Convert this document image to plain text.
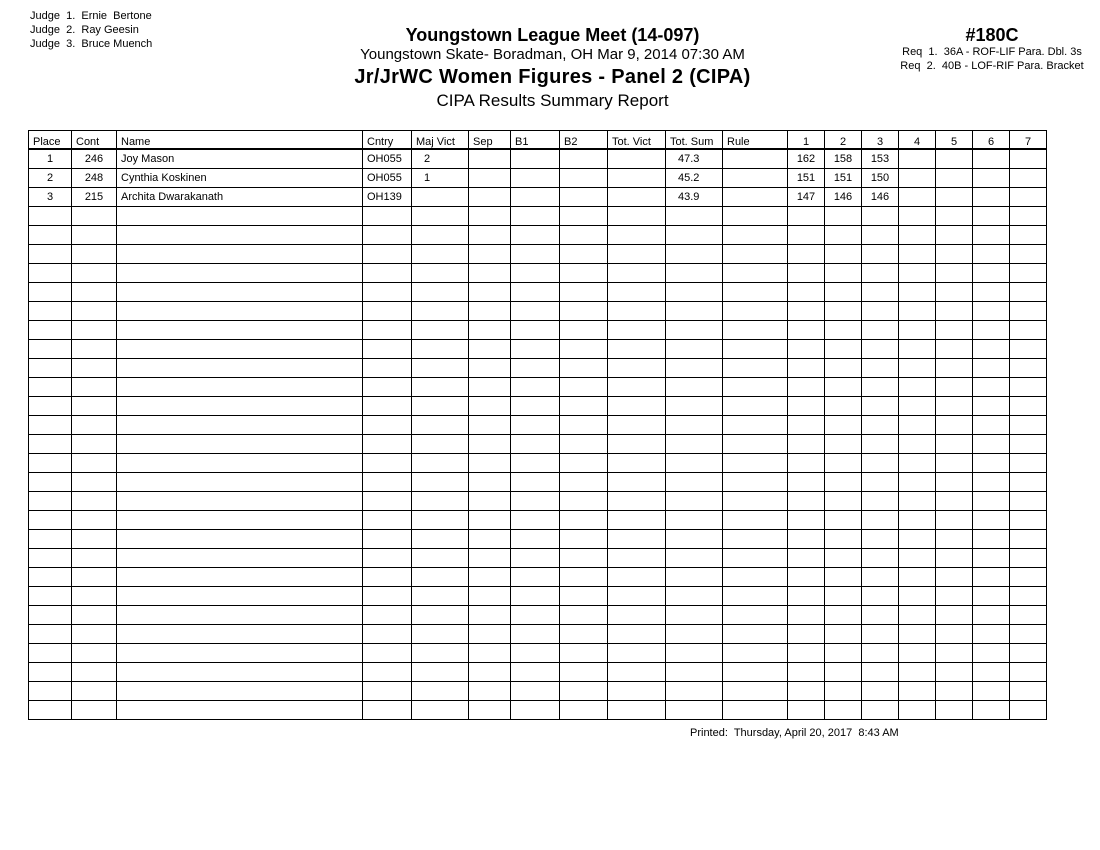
Judge  1.  Ernie  Bertone
Judge  2.  Ray Geesin
Judge  3.  Bruce Muench	Youngstown League Meet (14-097)
Youngstown Skate- Boradman, OH Mar 9, 2014 07:30 AM
Jr/JrWC Women Figures - Panel 2 (CIPA)
CIPA Results Summary Report
#180C
Req  1.  36A - ROF-LIF Para. Dbl. 3s
Req  2.  40B - LOF-RIF Para. Bracket
Place	Cont	Name	Cntry	Maj Vict	Sep	B1	B2	Tot. Vict	Tot. Sum	Rule	1	2	3	4	5	6	7
1	246	Joy Mason	OH055	2					47.3		162	158	153				
2	248	Cynthia Koskinen	OH055	1					45.2		151	151	150				
3	215	Archita Dwarakanath	OH139						43.9		147	146	146				

Printed:  Thursday, April 20, 2017  8:43 AM
